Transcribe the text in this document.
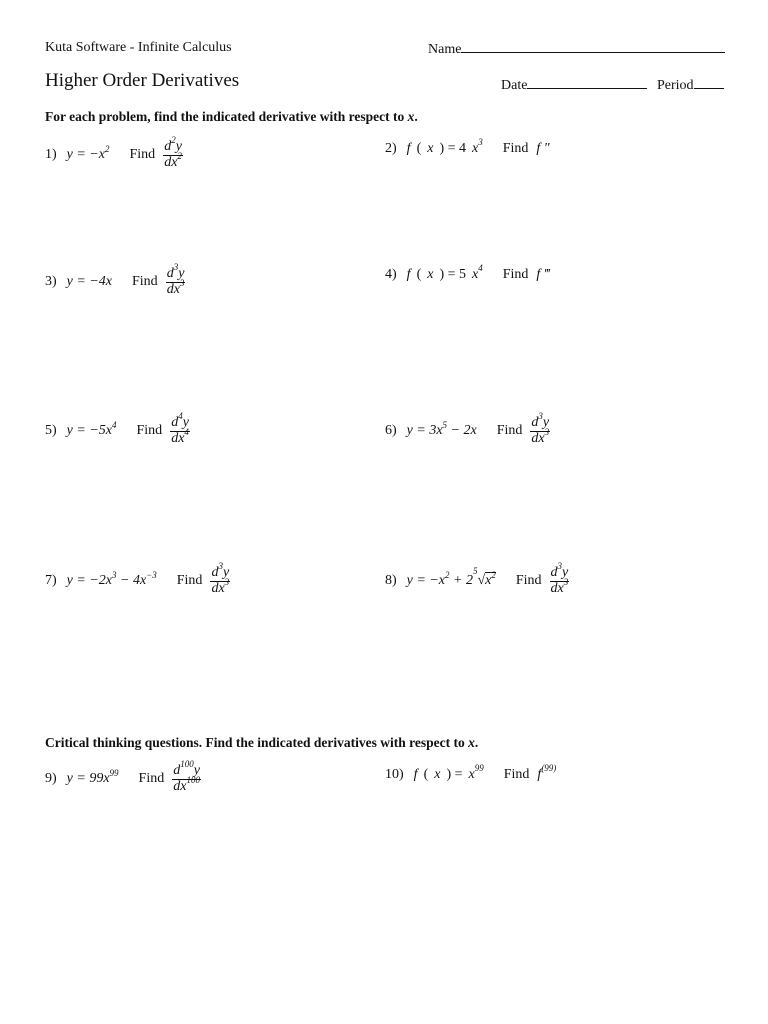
Kuta Software - Infinite Calculus	Name
Higher Order Derivatives	Date	Period
For each problem, find the indicated derivative with respect to x.
1) $y = -x^2$ Find $\frac{d^2y}{dx^2}$	2) f ( x ) = 4 $x^3$ Find f ″
3) y = −4x Find $\frac{d^3y}{dx^3}$	4) f ( x ) = 5 $x^4$ Find f ‴
5) $y = -5x^4$ Find $\frac{d^4y}{dx^4}$	6) $y = 3x^5 - 2x$ Find $\frac{d^3y}{dx^3}$
7) $y = -2x^3 - 4x^{-3}$ Find $\frac{d^3y}{dx^3}$	8) $y = -x^2 + 2^5√x^2$ Find $\frac{d^3y}{dx^3}$
Critical thinking questions. Find the indicated derivatives with respect to x.
9) $y = 99x^{99}$ Find $\frac{d^{100}y}{dx^{100}}$	10) f ( x ) = $x^{99}$ Find $f^{(99)}$
